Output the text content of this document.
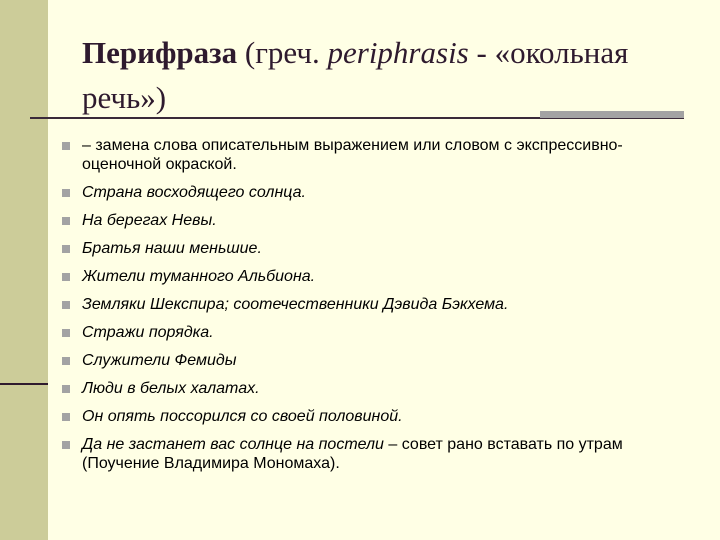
Перифраза (греч. periphrasis - «окольная речь»)
– замена слова описательным выражением или словом с экспрессивно-оценочной окраской.
Страна восходящего солнца.
На берегах Невы.
Братья наши меньшие.
Жители туманного Альбиона.
Земляки Шекспира; соотечественники Дэвида Бэкхема.
Стражи порядка.
Служители Фемиды
Люди в белых халатах.
Он опять поссорился со своей половиной.
Да не застанет вас солнце на постели – совет рано вставать по утрам (Поучение Владимира Мономаха).
